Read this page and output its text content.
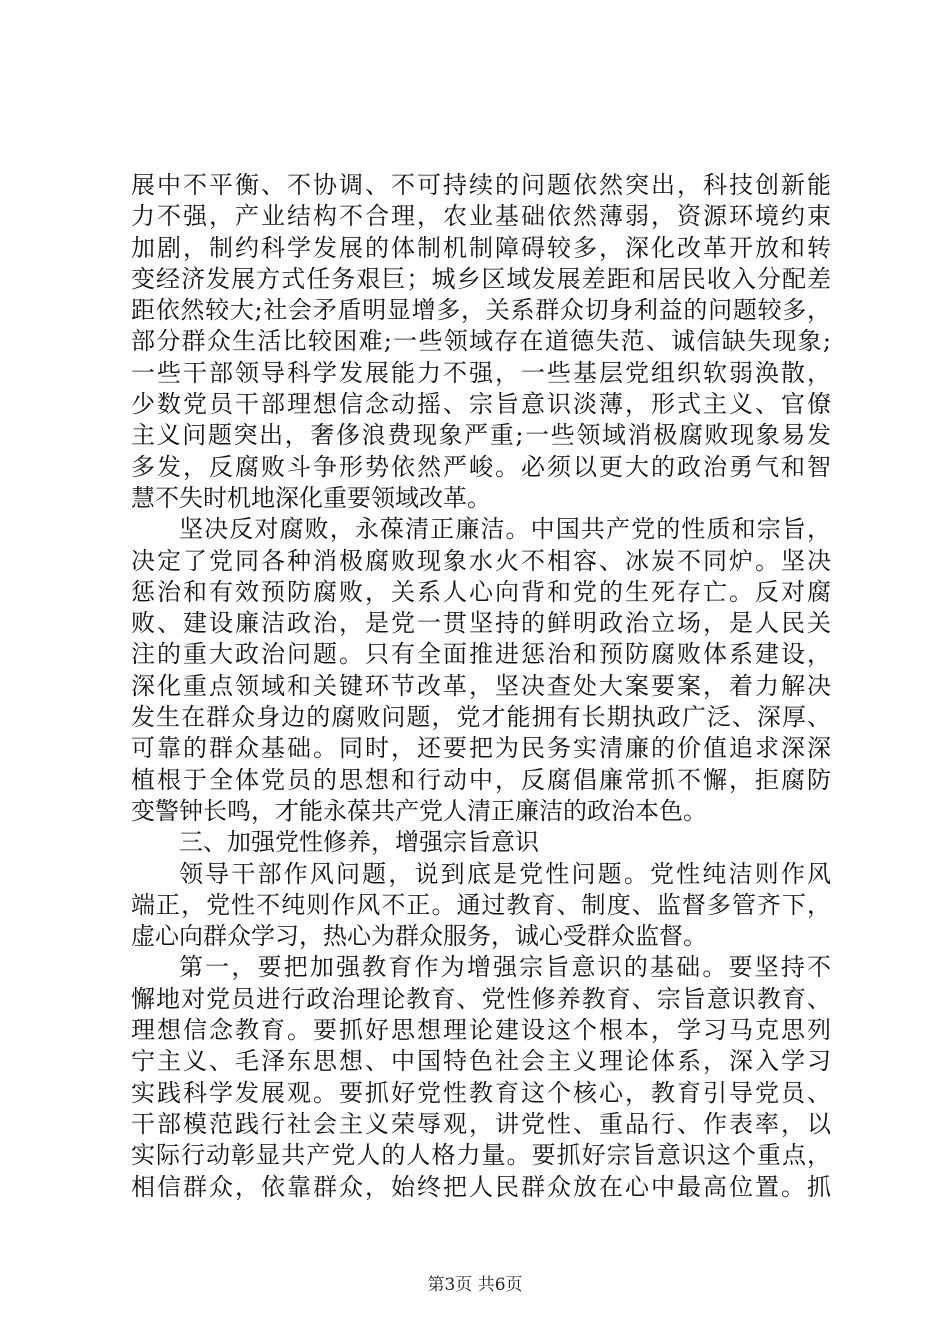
展中不平衡、不协调、不可持续的问题依然突出，科技创新能
力不强，产业结构不合理，农业基础依然薄弱，资源环境约束
加剧，制约科学发展的体制机制障碍较多，深化改革开放和转
变经济发展方式任务艰巨；城乡区域发展差距和居民收入分配差
距依然较大;社会矛盾明显增多，关系群众切身利益的问题较多，
部分群众生活比较困难;一些领域存在道德失范、诚信缺失现象;
一些干部领导科学发展能力不强，一些基层党组织软弱涣散，
少数党员干部理想信念动摇、宗旨意识淡薄，形式主义、官僚
主义问题突出，奢侈浪费现象严重;一些领域消极腐败现象易发
多发，反腐败斗争形势依然严峻。必须以更大的政治勇气和智
慧不失时机地深化重要领域改革。
坚决反对腐败，永葆清正廉洁。中国共产党的性质和宗旨，
决定了党同各种消极腐败现象水火不相容、冰炭不同炉。坚决
惩治和有效预防腐败，关系人心向背和党的生死存亡。反对腐
败、建设廉洁政治，是党一贯坚持的鲜明政治立场，是人民关
注的重大政治问题。只有全面推进惩治和预防腐败体系建设，
深化重点领域和关键环节改革，坚决查处大案要案，着力解决
发生在群众身边的腐败问题，党才能拥有长期执政广泛、深厚、
可靠的群众基础。同时，还要把为民务实清廉的价值追求深深
植根于全体党员的思想和行动中，反腐倡廉常抓不懈，拒腐防
变警钟长鸣，才能永葆共产党人清正廉洁的政治本色。
三、加强党性修养，增强宗旨意识
领导干部作风问题，说到底是党性问题。党性纯洁则作风
端正，党性不纯则作风不正。通过教育、制度、监督多管齐下，
虚心向群众学习，热心为群众服务，诚心受群众监督。
第一，要把加强教育作为增强宗旨意识的基础。要坚持不
懈地对党员进行政治理论教育、党性修养教育、宗旨意识教育、
理想信念教育。要抓好思想理论建设这个根本，学习马克思列
宁主义、毛泽东思想、中国特色社会主义理论体系，深入学习
实践科学发展观。要抓好党性教育这个核心，教育引导党员、
干部模范践行社会主义荣辱观，讲党性、重品行、作表率，以
实际行动彰显共产党人的人格力量。要抓好宗旨意识这个重点，
相信群众，依靠群众，始终把人民群众放在心中最高位置。抓
第3页 共6页
